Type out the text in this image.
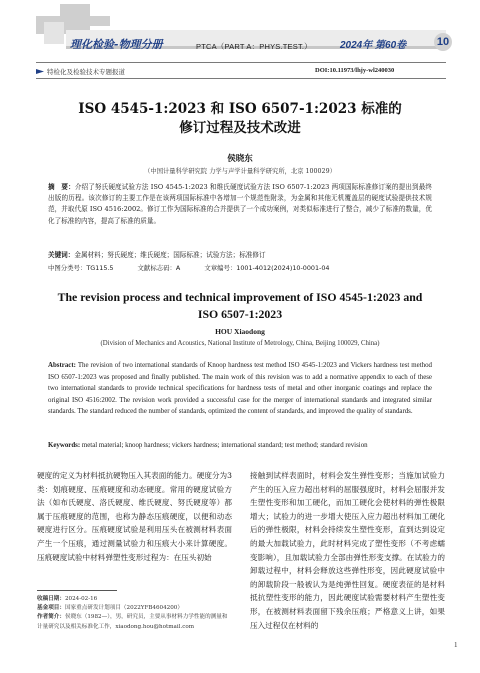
理化检验-物理分册	PTCA（PART A：PHYS.TEST.）	2024年 第60卷	10
特检化及检验技术专题报道	DOI:10.11973/lhjy-wl240030
ISO 4545-1:2023 和 ISO 6507-1:2023 标准的
修订过程及技术改进
侯晓东
（中国计量科学研究院 力学与声学计量科学研究所，北京 100029）
摘　要：介绍了努氏硬度试验方法 ISO 4545-1:2023 和维氏硬度试验方法 ISO 6507-1:2023 两项国际标准修订案的提出到最终出版的历程。该次修订的主要工作是在该两项国际标准中各增加一个规范性附录，为金属和其他无机覆盖层的硬度试验提供技术规范，并取代原 ISO 4516:2002。修订工作为国际标准的合并提供了一个成功案例，对类似标准进行了整合，减少了标准的数量，优化了标准的内容，提高了标准的质量。
关键词：金属材料；努氏硬度；维氏硬度；国际标准；试验方法；标准修订
中图分类号：TG115.5	文献标志码：A	文章编号：1001-4012(2024)10-0001-04
The revision process and technical improvement of ISO 4545-1:2023 and
ISO 6507-1:2023
HOU Xiaodong
(Division of Mechanics and Acoustics, National Institute of Metrology, China, Beijing 100029, China)
Abstract: The revision of two international standards of Knoop hardness test method ISO 4545-1:2023 and Vickers hardness test method ISO 6507-1:2023 was proposed and finally published. The main work of this revision was to add a normative appendix to each of these two international standards to provide technical specifications for hardness tests of metal and other inorganic coatings and replace the original ISO 4516:2002. The revision work provided a successful case for the merger of international standards and integrated similar standards. The standard reduced the number of standards, optimized the content of standards, and improved the quality of standards.
Keywords: metal material; knoop hardness; vickers hardness; international standard; test method; standard revision
硬度的定义为材料抵抗硬物压入其表面的能力。硬度分为3类：划痕硬度、压痕硬度和动态硬度。常用的硬度试验方法（如布氏硬度、洛氏硬度、维氏硬度、努氏硬度等）都属于压痕硬度的范围，也称为静态压痕硬度，以便和动态硬度进行区分。压痕硬度试验是利用压头在被测材料表面产生一个压痕，通过测量试验力和压痕大小来计算硬度。压痕硬度试验中材料弹塑性变形过程为：在压头初始
接触到试样表面时，材料会发生弹性变形；当施加试验力产生的压入应力超出材料的屈服强度时，材料会屈服并发生塑性变形和加工硬化，而加工硬化会使材料的弹性极限增大；试验力的进一步增大使压入应力超出材料加工硬化后的弹性极限，材料会持续发生塑性变形，直到达到设定的最大加载试验力，此时材料完成了塑性变形（不考虑蠕变影响），且加载试验力全部由弹性形变支撑。在试验力的卸载过程中，材料会释放这些弹性形变，因此硬度试验中的卸载阶段一般被认为是纯弹性回复。硬度表征的是材料抵抗塑性变形的能力，因此硬度试验需要材料产生塑性变形，在被测材料表面留下残余压痕；严格意义上讲，如果压入过程仅在材料的
收稿日期：2024-02-16
基金项目：国家重点研发计划项目（2022YFB4604200）
作者简介：侯晓东（1982—），男，研究员，主要从事材料力学性能的测量和计量研究以及相关标准化工作，xiaodong.hou@hotmail.com
1
